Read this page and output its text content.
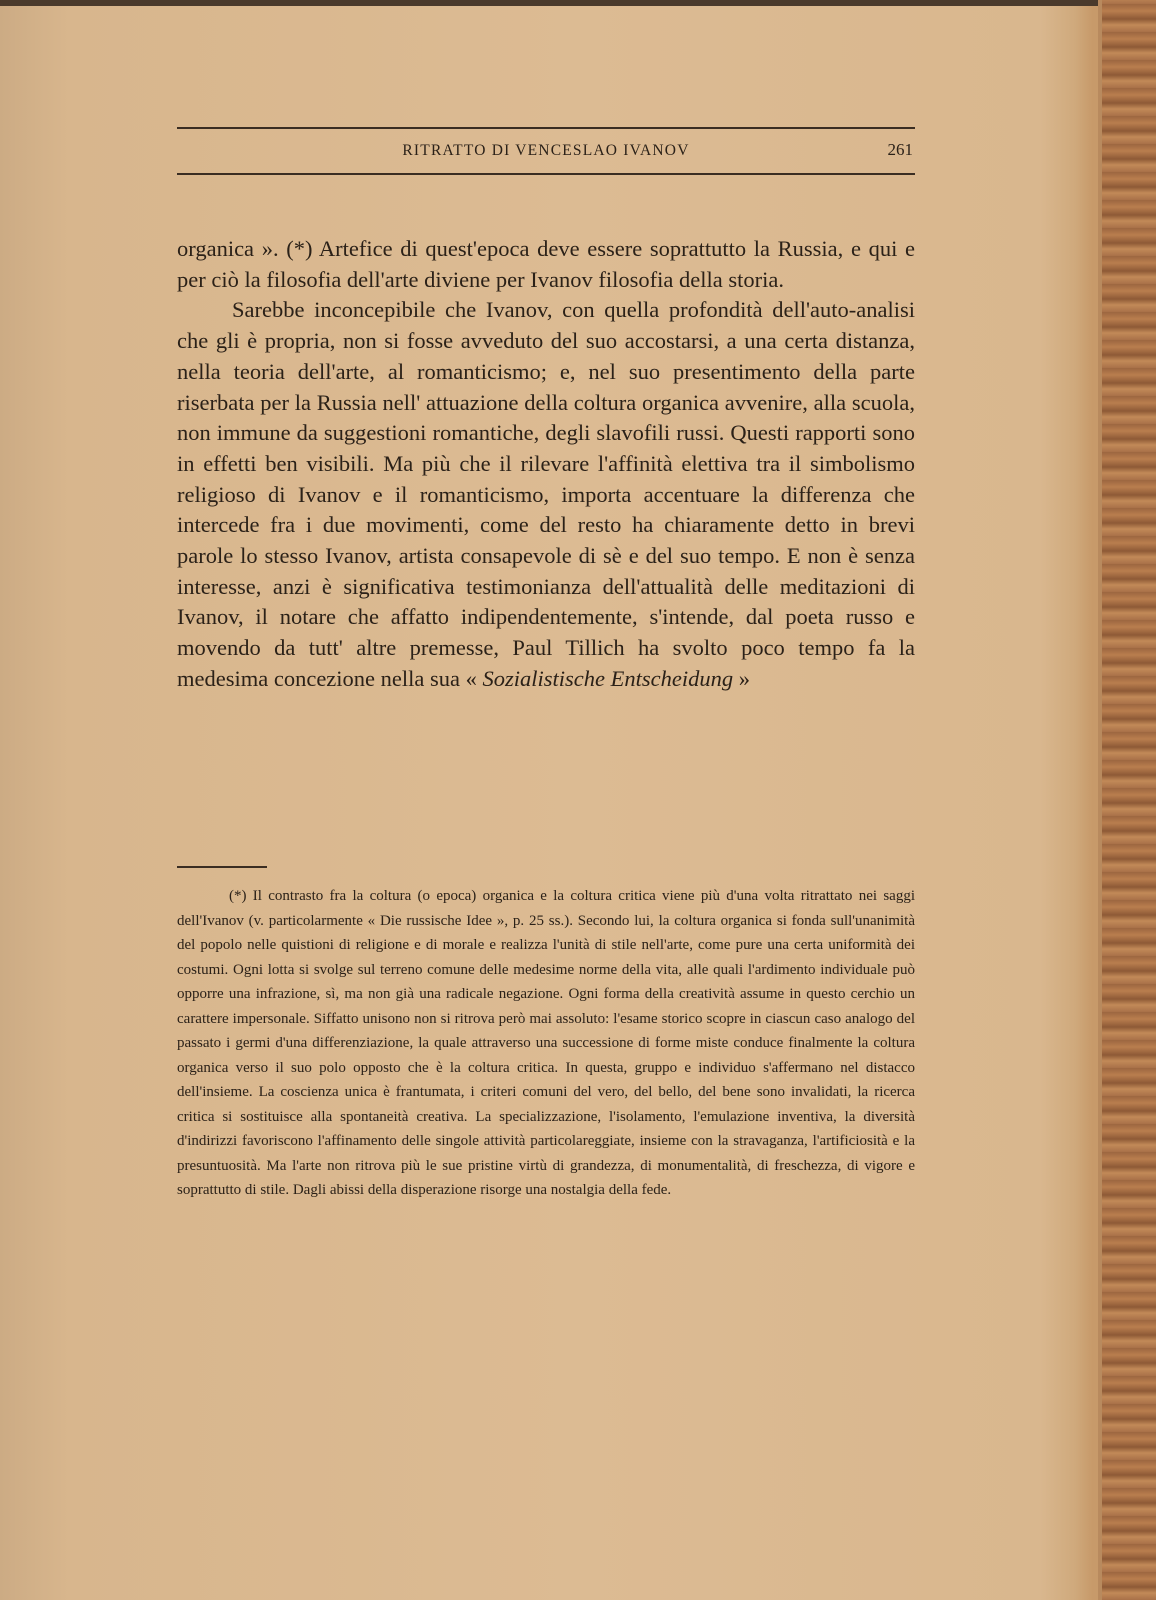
RITRATTO DI VENCESLAO IVANOV	261

organica ». (*) Artefice di quest'epoca deve essere soprattutto la Russia, e qui e per ciò la filosofia dell'arte diviene per Ivanov filosofia della storia.

Sarebbe inconcepibile che Ivanov, con quella profondità dell'auto-analisi che gli è propria, non si fosse avveduto del suo accostarsi, a una certa distanza, nella teoria dell'arte, al romanticismo; e, nel suo presentimento della parte riserbata per la Russia nell' attuazione della coltura organica avvenire, alla scuola, non immune da suggestioni romantiche, degli slavofili russi. Questi rapporti sono in effetti ben visibili. Ma più che il rilevare l'affinità elettiva tra il simbolismo religioso di Ivanov e il romanticismo, importa accentuare la differenza che intercede fra i due movimenti, come del resto ha chiaramente detto in brevi parole lo stesso Ivanov, artista consapevole di sè e del suo tempo. E non è senza interesse, anzi è significativa testimonianza dell'attualità delle meditazioni di Ivanov, il notare che affatto indipendentemente, s'intende, dal poeta russo e movendo da tutt' altre premesse, Paul Tillich ha svolto poco tempo fa la medesima concezione nella sua « Sozialistische Entscheidung »

(*) Il contrasto fra la coltura (o epoca) organica e la coltura critica viene più d'una volta ritrattato nei saggi dell'Ivanov (v. particolarmente « Die russische Idee », p. 25 ss.). Secondo lui, la coltura organica si fonda sull'unanimità del popolo nelle quistioni di religione e di morale e realizza l'unità di stile nell'arte, come pure una certa uniformità dei costumi. Ogni lotta si svolge sul terreno comune delle medesime norme della vita, alle quali l'ardimento individuale può opporre una infrazione, sì, ma non già una radicale negazione. Ogni forma della creatività assume in questo cerchio un carattere impersonale. Siffatto unisono non si ritrova però mai assoluto: l'esame storico scopre in ciascun caso analogo del passato i germi d'una differenziazione, la quale attraverso una successione di forme miste conduce finalmente la coltura organica verso il suo polo opposto che è la coltura critica. In questa, gruppo e individuo s'affermano nel distacco dell'insieme. La coscienza unica è frantumata, i criteri comuni del vero, del bello, del bene sono invalidati, la ricerca critica si sostituisce alla spontaneità creativa. La specializzazione, l'isolamento, l'emulazione inventiva, la diversità d'indirizzi favoriscono l'affinamento delle singole attività particolareggiate, insieme con la stravaganza, l'artificiosità e la presuntuosità. Ma l'arte non ritrova più le sue pristine virtù di grandezza, di monumentalità, di freschezza, di vigore e soprattutto di stile. Dagli abissi della disperazione risorge una nostalgia della fede.
